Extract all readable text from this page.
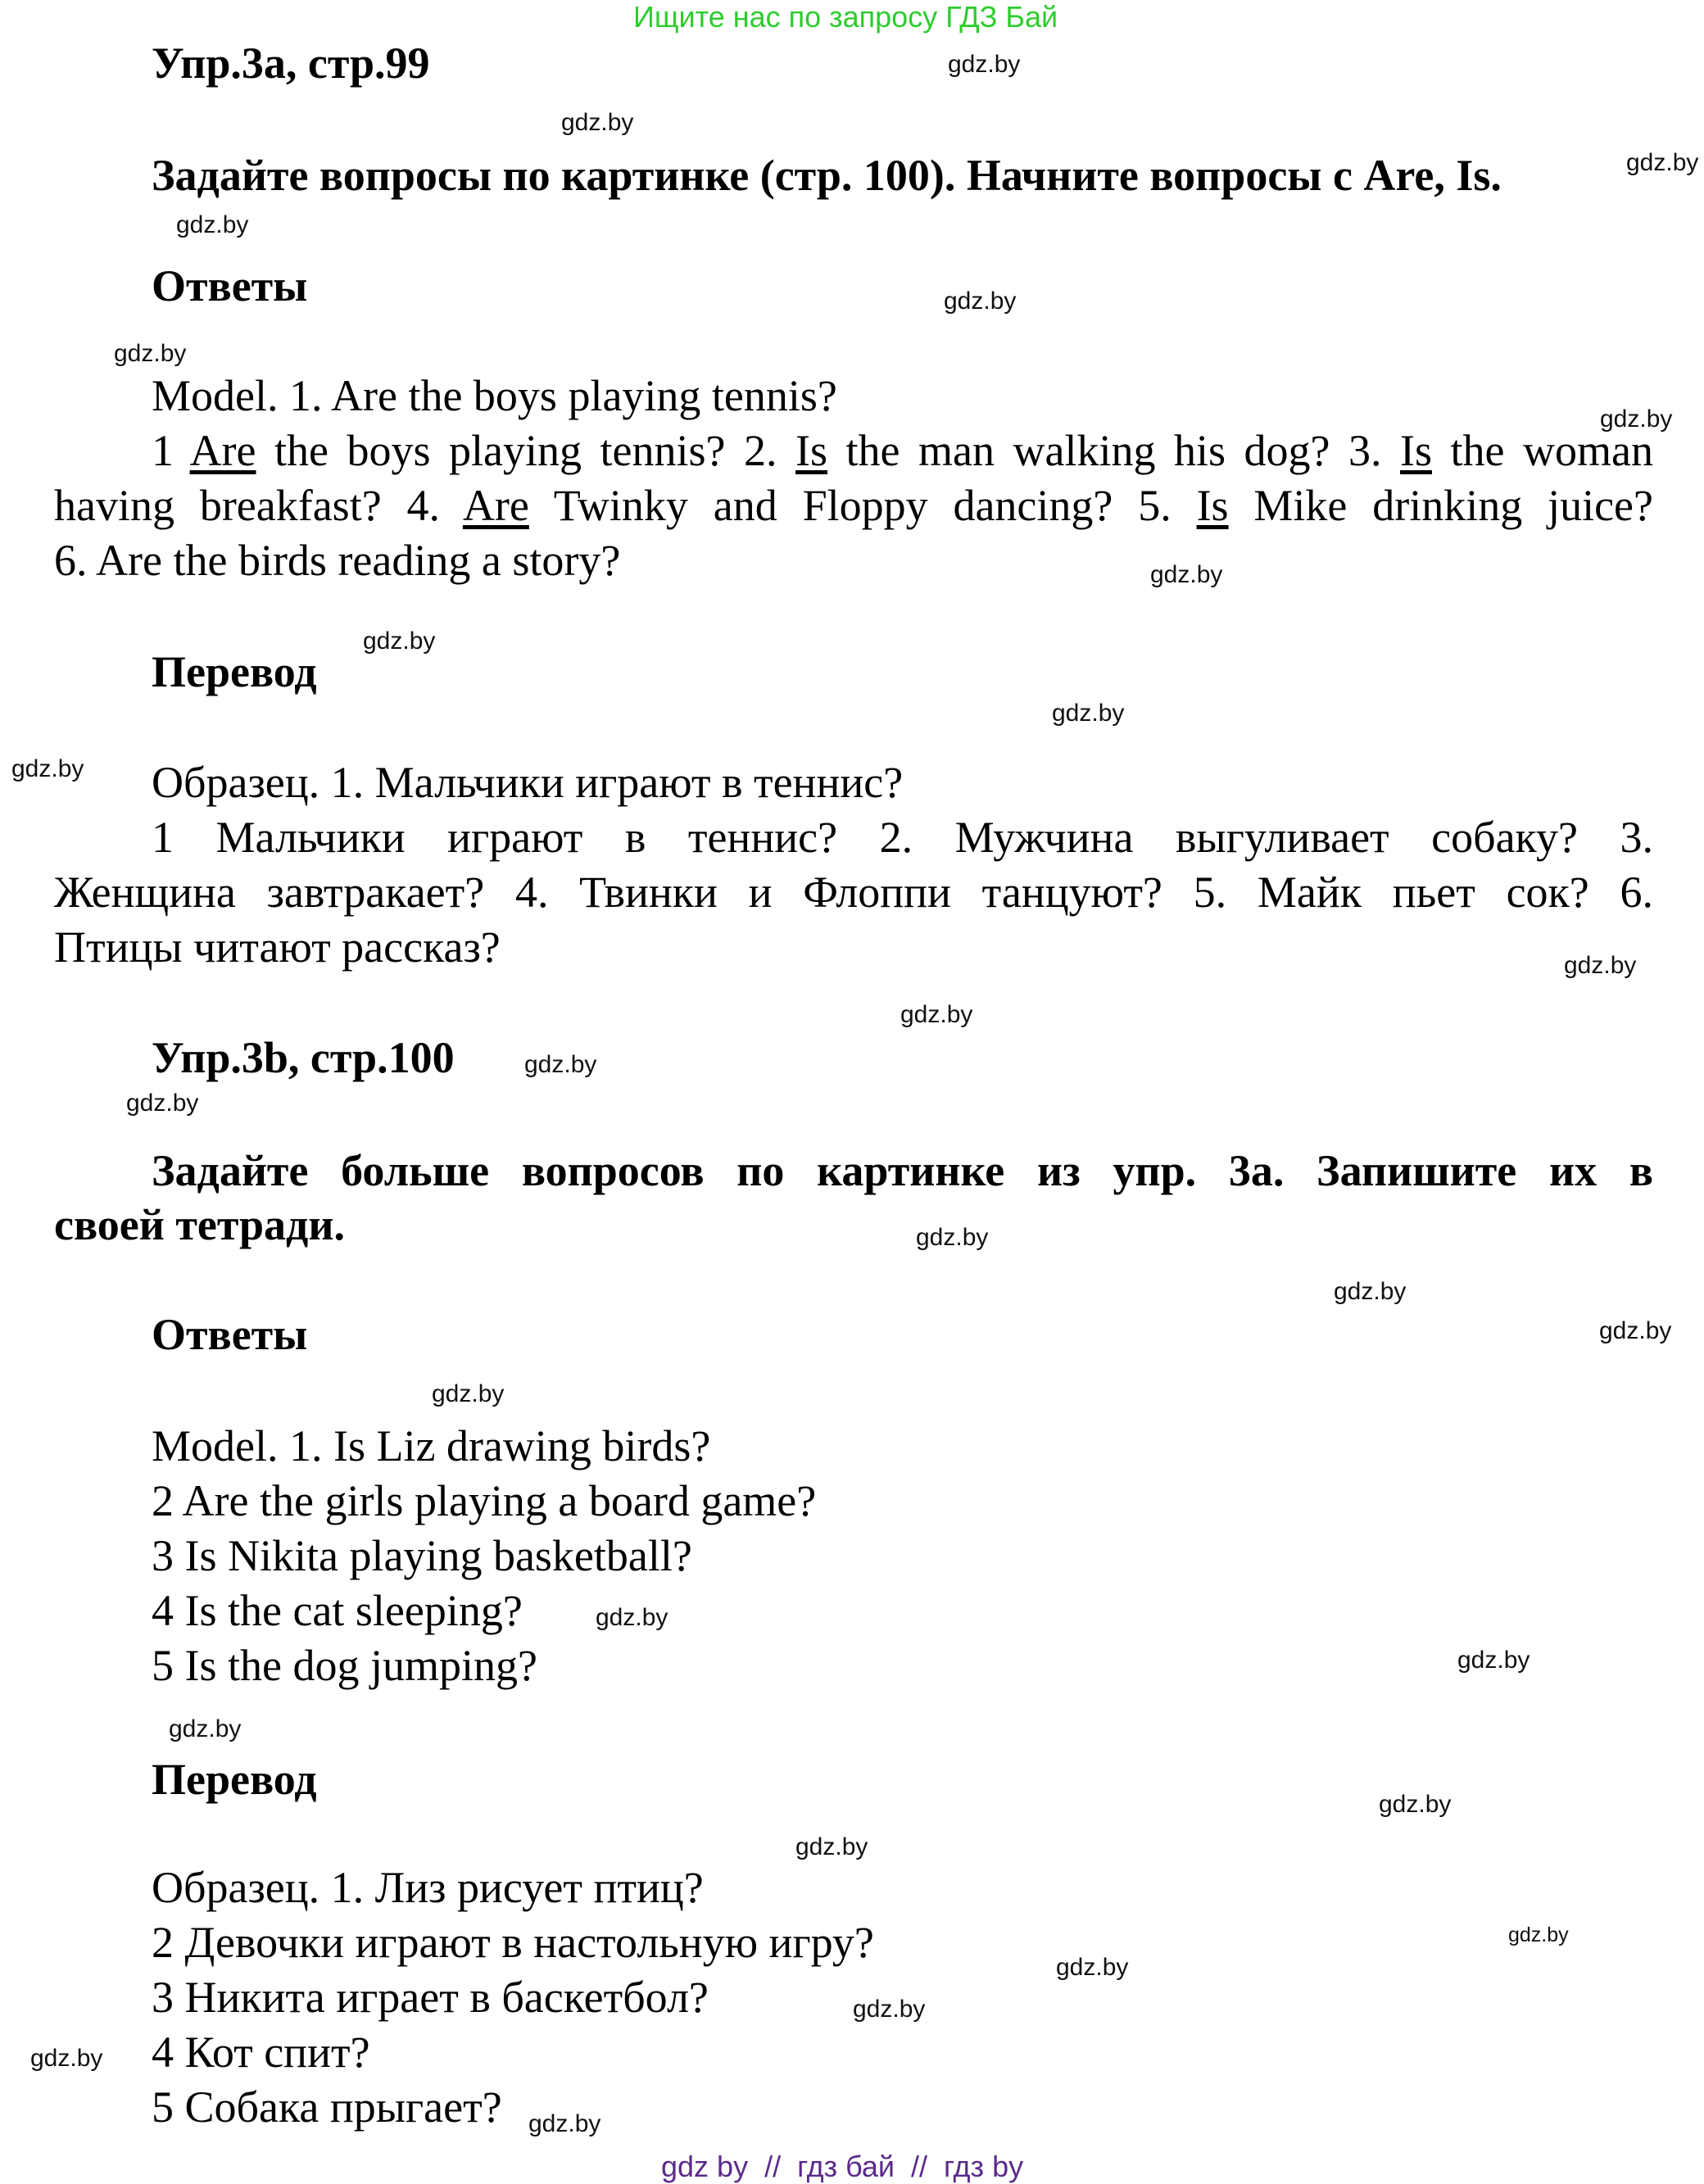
Ищите нас по запросу ГДЗ Бай
Упр.3a, стр.99
Задайте вопросы по картинке (стр. 100). Начните вопросы с Are, Is.
Ответы
Model. 1. Are the boys playing tennis?
1 Are the boys playing tennis? 2. Is the man walking his dog? 3. Is the woman
having breakfast? 4. Are Twinky and Floppy dancing? 5. Is Mike drinking juice?
6. Are the birds reading a story?
Перевод
Образец. 1. Мальчики играют в теннис?
1 Мальчики играют в теннис? 2. Мужчина выгуливает собаку? 3.
Женщина завтракает? 4. Твинки и Флоппи танцуют? 5. Майк пьет сок? 6.
Птицы читают рассказ?
Упр.3b, стр.100
Задайте больше вопросов по картинке из упр. 3a. Запишите их в
своей тетради.
Ответы
Model. 1. Is Liz drawing birds?
2 Are the girls playing a board game?
3 Is Nikita playing basketball?
4 Is the cat sleeping?
5 Is the dog jumping?
Перевод
Образец. 1. Лиз рисует птиц?
2 Девочки играют в настольную игру?
3 Никита играет в баскетбол?
4 Кот спит?
5 Собака прыгает?
gdz.by
gdz.by
gdz.by
gdz.by
gdz.by
gdz.by
gdz.by
gdz.by
gdz.by
gdz.by
gdz.by
gdz.by
gdz.by
gdz.by
gdz.by
gdz.by
gdz.by
gdz.by
gdz.by
gdz.by
gdz.by
gdz.by
gdz.by
gdz.by
gdz.by
gdz.by
gdz.by
gdz.by
gdz.by
gdz by  //  гдз бай  //  гдз by
